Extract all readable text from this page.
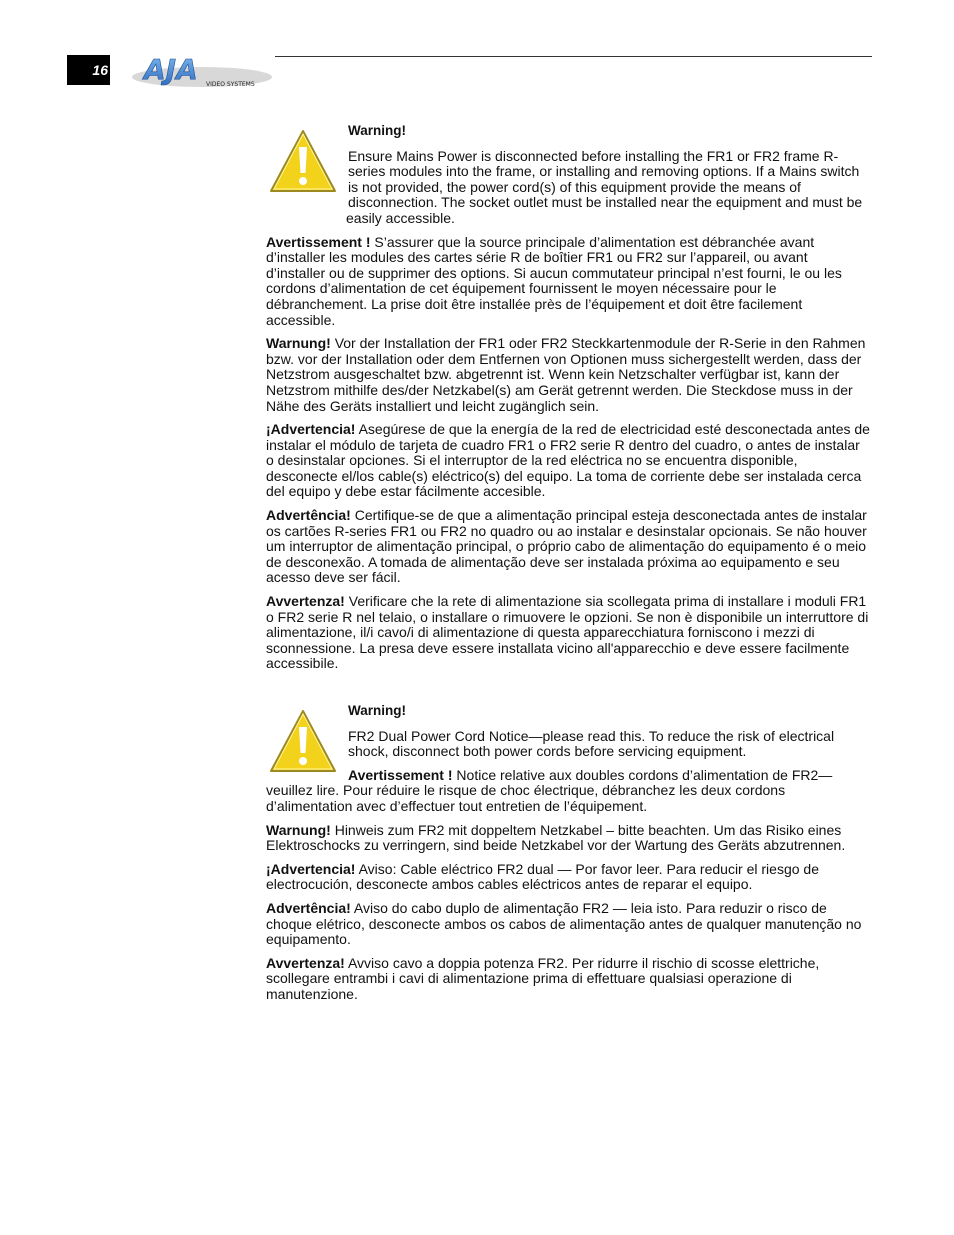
16 AJA VIDEO SYSTEMS
Warning!

Ensure Mains Power is disconnected before installing the FR1 or FR2 frame R-series modules into the frame, or installing and removing options. If a Mains switch is not provided, the power cord(s) of this equipment provide the means of disconnection. The socket outlet must be installed near the equipment and must be easily accessible.

Avertissement ! S’assurer que la source principale d’alimentation est débranchée avant d’installer les modules des cartes série R de boîtier FR1 ou FR2 sur l’appareil, ou avant d’installer ou de supprimer des options. Si aucun commutateur principal n’est fourni, le ou les cordons d’alimentation de cet équipement fournissent le moyen nécessaire pour le débranchement. La prise doit être installée près de l’équipement et doit être facilement accessible.

Warnung! Vor der Installation der FR1 oder FR2 Steckkartenmodule der R-Serie in den Rahmen bzw. vor der Installation oder dem Entfernen von Optionen muss sichergestellt werden, dass der Netzstrom ausgeschaltet bzw. abgetrennt ist. Wenn kein Netzschalter verfügbar ist, kann der Netzstrom mithilfe des/der Netzkabel(s) am Gerät getrennt werden. Die Steckdose muss in der Nähe des Geräts installiert und leicht zugänglich sein.

¡Advertencia! Asegúrese de que la energía de la red de electricidad esté desconectada antes de instalar el módulo de tarjeta de cuadro FR1 o FR2 serie R dentro del cuadro, o antes de instalar o desinstalar opciones. Si el interruptor de la red eléctrica no se encuentra disponible, desconecte el/los cable(s) eléctrico(s) del equipo. La toma de corriente debe ser instalada cerca del equipo y debe estar fácilmente accesible.

Advertência! Certifique-se de que a alimentação principal esteja desconectada antes de instalar os cartões R-series FR1 ou FR2 no quadro ou ao instalar e desinstalar opcionais. Se não houver um interruptor de alimentação principal, o próprio cabo de alimentação do equipamento é o meio de desconexão. A tomada de alimentação deve ser instalada próxima ao equipamento e seu acesso deve ser fácil.

Avvertenza! Verificare che la rete di alimentazione sia scollegata prima di installare i moduli FR1 o FR2 serie R nel telaio, o installare o rimuovere le opzioni. Se non è disponibile un interruttore di alimentazione, il/i cavo/i di alimentazione di questa apparecchiatura forniscono i mezzi di sconnessione. La presa deve essere installata vicino all'apparecchio e deve essere facilmente accessibile.

Warning!

FR2 Dual Power Cord Notice—please read this. To reduce the risk of electrical shock, disconnect both power cords before servicing equipment.

Avertissement ! Notice relative aux doubles cordons d’alimentation de FR2—veuillez lire. Pour réduire le risque de choc électrique, débranchez les deux cordons d’alimentation avec d’effectuer tout entretien de l’équipement.

Warnung! Hinweis zum FR2 mit doppeltem Netzkabel – bitte beachten. Um das Risiko eines Elektroschocks zu verringern, sind beide Netzkabel vor der Wartung des Geräts abzutrennen.

¡Advertencia! Aviso: Cable eléctrico FR2 dual — Por favor leer. Para reducir el riesgo de electrocución, desconecte ambos cables eléctricos antes de reparar el equipo.

Advertência! Aviso do cabo duplo de alimentação FR2 — leia isto. Para reduzir o risco de choque elétrico, desconecte ambos os cabos de alimentação antes de qualquer manutenção no equipamento.

Avvertenza! Avviso cavo a doppia potenza FR2. Per ridurre il rischio di scosse elettriche, scollegare entrambi i cavi di alimentazione prima di effettuare qualsiasi operazione di manutenzione.
